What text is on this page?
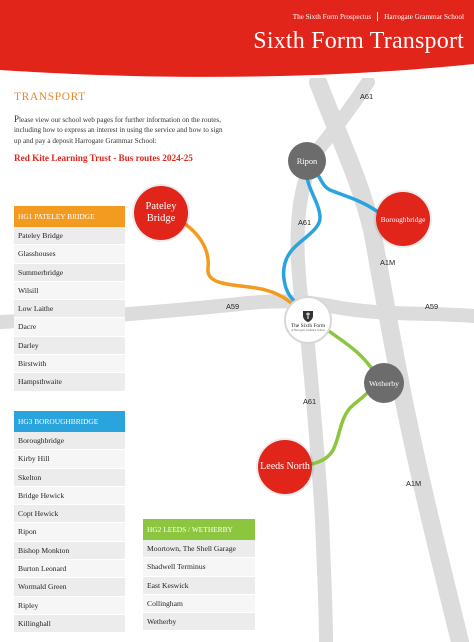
The Sixth Form Prospectus Harrogate Grammar School
Sixth Form Transport
TRANSPORT
Please view our school web pages for further information on the routes, including how to express an interest in using the service and how to sign up and pay a deposit Harrogate Grammar School:
Red Kite Learning Trust - Bus routes 2024-25
HG1 PATELEY BRIDGE
Pateley Bridge
Glasshouses
Summerbridge
Wilsill
Low Laithe
Dacre
Darley
Birstwith
Hampsthwaite
HG3 BOROUGHBRIDGE
Boroughbridge
Kirby Hill
Skelton
Bridge Hewick
Copt Hewick
Ripon
Bishop Monkton
Burton Leonard
Wormald Green
Ripley
Killinghall
HG2 LEEDS / WETHERBY
Moortown, The Shell Garage
Shadwell Terminus
East Keswick
Collingham
Wetherby
A61
A61
A61
A1M
A1M
A59	A59
Pateley Bridge
Ripon
Boroughbridge
Wetherby
Leeds North
The Sixth Form
at Harrogate Grammar School
